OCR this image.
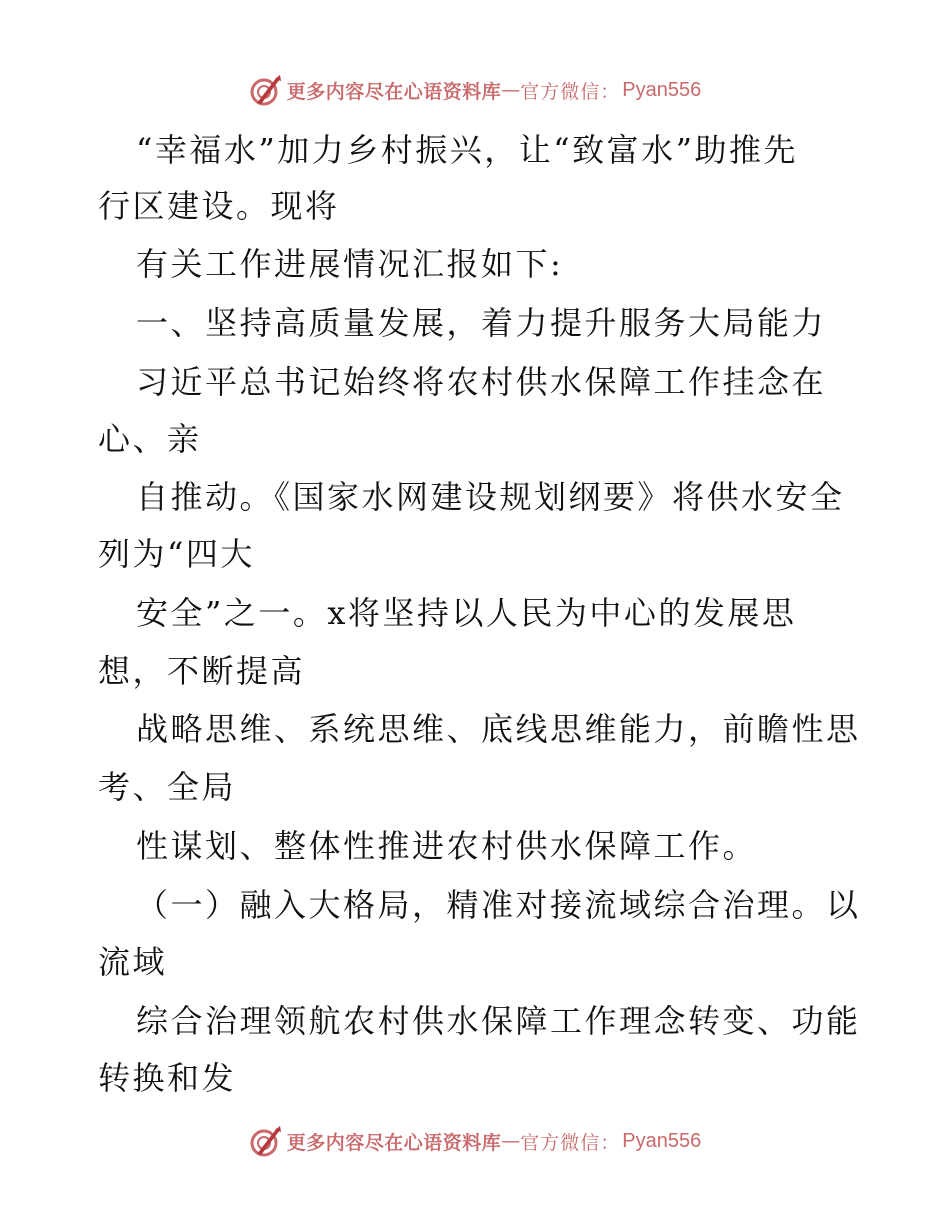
更多内容尽在心语资料库 — 官方微信： Pyan556
“幸福水”加力乡村振兴，让“致富水”助推先
行区建设。现将
有关工作进展情况汇报如下:
一、坚持高质量发展，着力提升服务大局能力
习近平总书记始终将农村供水保障工作挂念在
心、亲
自推动。《国家水网建设规划纲要》将供水安全
列为“四大
安全”之一。x将坚持以人民为中心的发展思
想，不断提高
战略思维、系统思维、底线思维能力，前瞻性思
考、全局
性谋划、整体性推进农村供水保障工作。
（一）融入大格局，精准对接流域综合治理。以
流域
综合治理领航农村供水保障工作理念转变、功能
转换和发
更多内容尽在心语资料库 — 官方微信： Pyan556
